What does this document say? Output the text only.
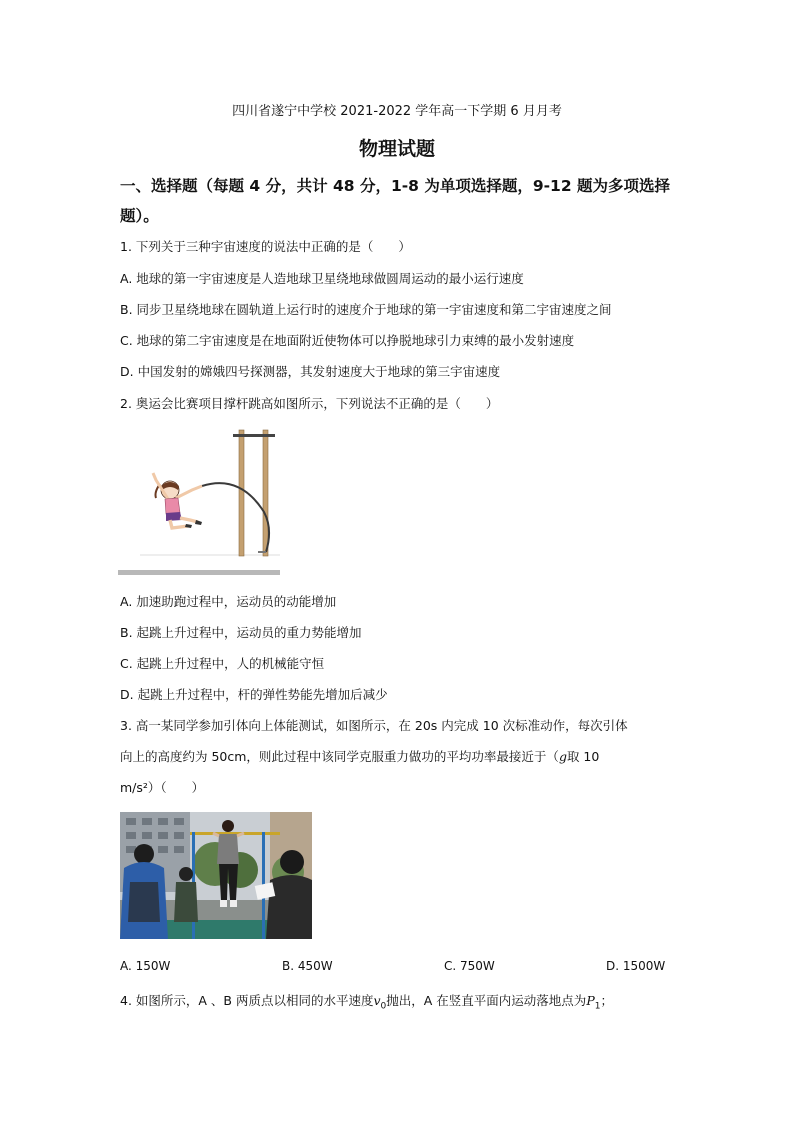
四川省遂宁中学校 2021-2022 学年高一下学期 6 月月考
物理试题
一、选择题（每题 4 分，共计 48 分，1-8 为单项选择题，9-12 题为多项选择
题）。
1. 下列关于三种宇宙速度的说法中正确的是（　　）
A. 地球的第一宇宙速度是人造地球卫星绕地球做圆周运动的最小运行速度
B. 同步卫星绕地球在圆轨道上运行时的速度介于地球的第一宇宙速度和第二宇宙速度之间
C. 地球的第二宇宙速度是在地面附近使物体可以挣脱地球引力束缚的最小发射速度
D. 中国发射的嫦娥四号探测器，其发射速度大于地球的第三宇宙速度
2. 奥运会比赛项目撑杆跳高如图所示，下列说法不正确的是（　　）
A. 加速助跑过程中，运动员的动能增加
B. 起跳上升过程中，运动员的重力势能增加
C. 起跳上升过程中，人的机械能守恒
D. 起跳上升过程中，杆的弹性势能先增加后减少
3. 高一某同学参加引体向上体能测试，如图所示，在 20s 内完成 10 次标准动作，每次引体
向上的高度约为 50cm，则此过程中该同学克服重力做功的平均功率最接近于（g取 10
m/s²）（　　）
A. 150W	B. 450W	C. 750W	D. 1500W
4. 如图所示，A 、B 两质点以相同的水平速度$v_0$抛出，A 在竖直平面内运动落地点为$P_1$；
